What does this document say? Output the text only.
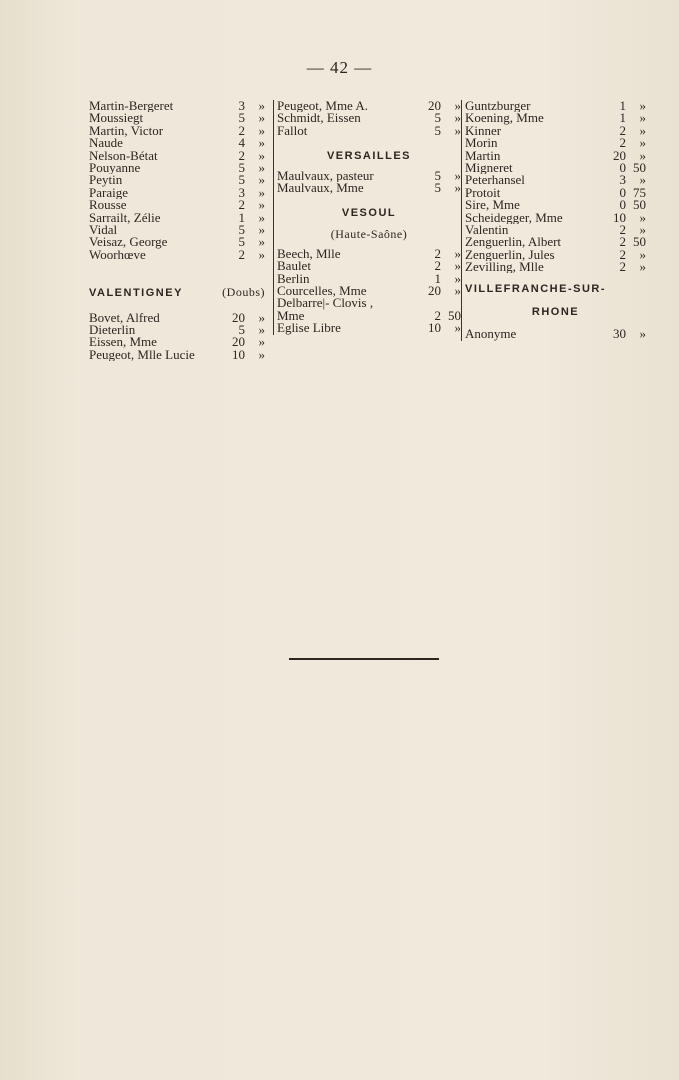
— 42 —
Martin-Bergeret	3	»
Moussiegt	5	»
Martin, Victor	2	»
Naude	4	»
Nelson-Bétat	2	»
Pouyanne	5	»
Peytin	5	»
Paraige	3	»
Rousse	2	»
Sarrailt, Zélie	1	»
Vidal	5	»
Veisaz, George	5	»
Woorhœve	2	»
VALENTIGNEY	(Doubs)
Bovet, Alfred	20	»
Dieterlin	5	»
Eissen, Mme	20	»
Peugeot, Mlle Lucie	10	»
Peugeot, Mme A.	20	»
Schmidt, Eissen	5	»
Fallot	5	»
VERSAILLES
Maulvaux, pasteur	5	»
Maulvaux, Mme	5	»
VESOUL
(Haute-Saône)
Beech, Mlle	2	»
Baulet	2	»
Berlin	1	»
Courcelles, Mme	20	»
Delbarre|- Clovis ,
Mme	2 50
Eglise Libre	10	»
Guntzburger	1	»
Koening, Mme	1	»
Kinner	2	»
Morin	2	»
Martin	20	»
Migneret	0 50
Peterhansel	3	»
Protoit	0 75
Sire, Mme	0 50
Scheidegger, Mme	10	»
Valentin	2	»
Zenguerlin, Albert	2 50
Zenguerlin, Jules	2	»
Zevilling, Mlle	2	»
VILLEFRANCHE-SUR-
RHONE
Anonyme	30	»
